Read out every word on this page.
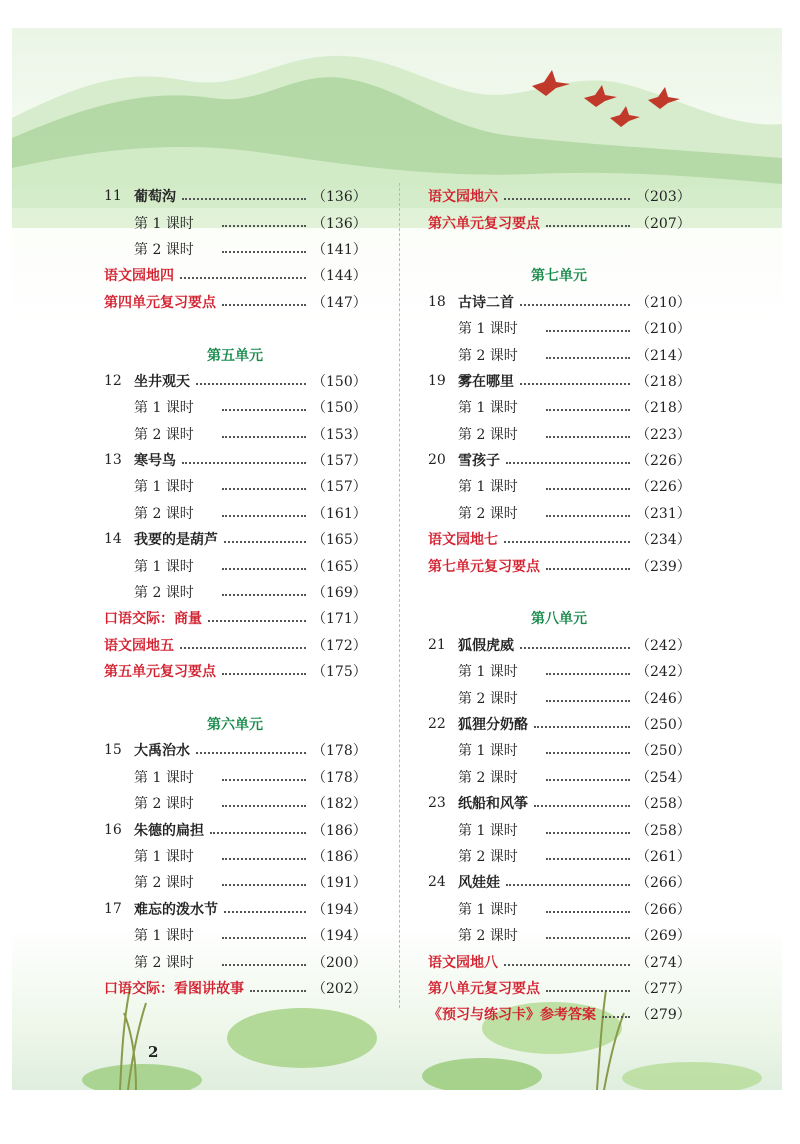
11 葡萄沟	（136）
第 1 课时	（136）
第 2 课时	（141）
语文园地四	（144）
第四单元复习要点	（147）
第五单元
12 坐井观天	（150）
第 1 课时	（150）
第 2 课时	（153）
13 寒号鸟	（157）
第 1 课时	（157）
第 2 课时	（161）
14 我要的是葫芦	（165）
第 1 课时	（165）
第 2 课时	（169）
口语交际：商量	（171）
语文园地五	（172）
第五单元复习要点	（175）
第六单元
15 大禹治水	（178）
第 1 课时	（178）
第 2 课时	（182）
16 朱德的扁担	（186）
第 1 课时	（186）
第 2 课时	（191）
17 难忘的泼水节	（194）
第 1 课时	（194）
第 2 课时	（200）
口语交际：看图讲故事	（202）
语文园地六	（203）
第六单元复习要点	（207）
第七单元
18 古诗二首	（210）
第 1 课时	（210）
第 2 课时	（214）
19 雾在哪里	（218）
第 1 课时	（218）
第 2 课时	（223）
20 雪孩子	（226）
第 1 课时	（226）
第 2 课时	（231）
语文园地七	（234）
第七单元复习要点	（239）
第八单元
21 狐假虎威	（242）
第 1 课时	（242）
第 2 课时	（246）
22 狐狸分奶酪	（250）
第 1 课时	（250）
第 2 课时	（254）
23 纸船和风筝	（258）
第 1 课时	（258）
第 2 课时	（261）
24 风娃娃	（266）
第 1 课时	（266）
第 2 课时	（269）
语文园地八	（274）
第八单元复习要点	（277）
《预习与练习卡》参考答案	（279）
2
